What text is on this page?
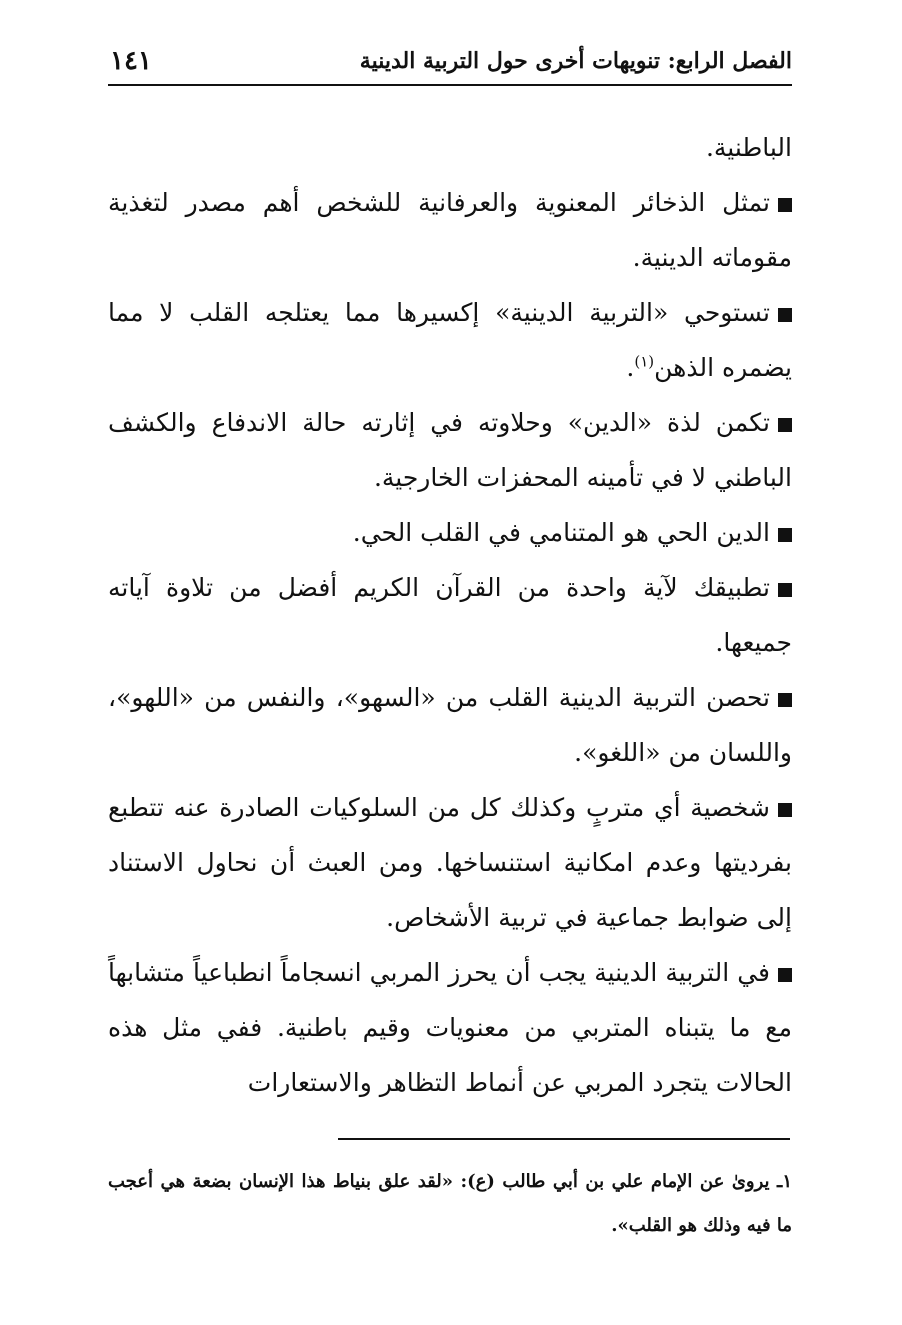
الفصل الرابع: تنويهات أخرى حول التربية الدينية
١٤١

الباطنية.

تمثل الذخائر المعنوية والعرفانية للشخص أهم مصدر لتغذية مقوماته الدينية.

تستوحي «التربية الدينية» إكسيرها مما يعتلجه القلب لا مما يضمره الذهن$^{(١)}$.

تكمن لذة «الدين» وحلاوته في إثارته حالة الاندفاع والكشف الباطني لا في تأمينه المحفزات الخارجية.

الدين الحي هو المتنامي في القلب الحي.

تطبيقك لآية واحدة من القرآن الكريم أفضل من تلاوة آياته جميعها.

تحصن التربية الدينية القلب من «السهو»، والنفس من «اللهو»، واللسان من «اللغو».

شخصية أي متربٍ وكذلك كل من السلوكيات الصادرة عنه تتطبع بفرديتها وعدم امكانية استنساخها. ومن العبث أن نحاول الاستناد إلى ضوابط جماعية في تربية الأشخاص.

في التربية الدينية يجب أن يحرز المربي انسجاماً انطباعياً متشابهاً مع ما يتبناه المتربي من معنويات وقيم باطنية. ففي مثل هذه الحالات يتجرد المربي عن أنماط التظاهر والاستعارات

١ـ يروىٰ عن الإمام علي بن أبي طالب (ع): «لقد علق بنياط هذا الإنسان بضعة هي أعجب ما فيه وذلك هو القلب».
